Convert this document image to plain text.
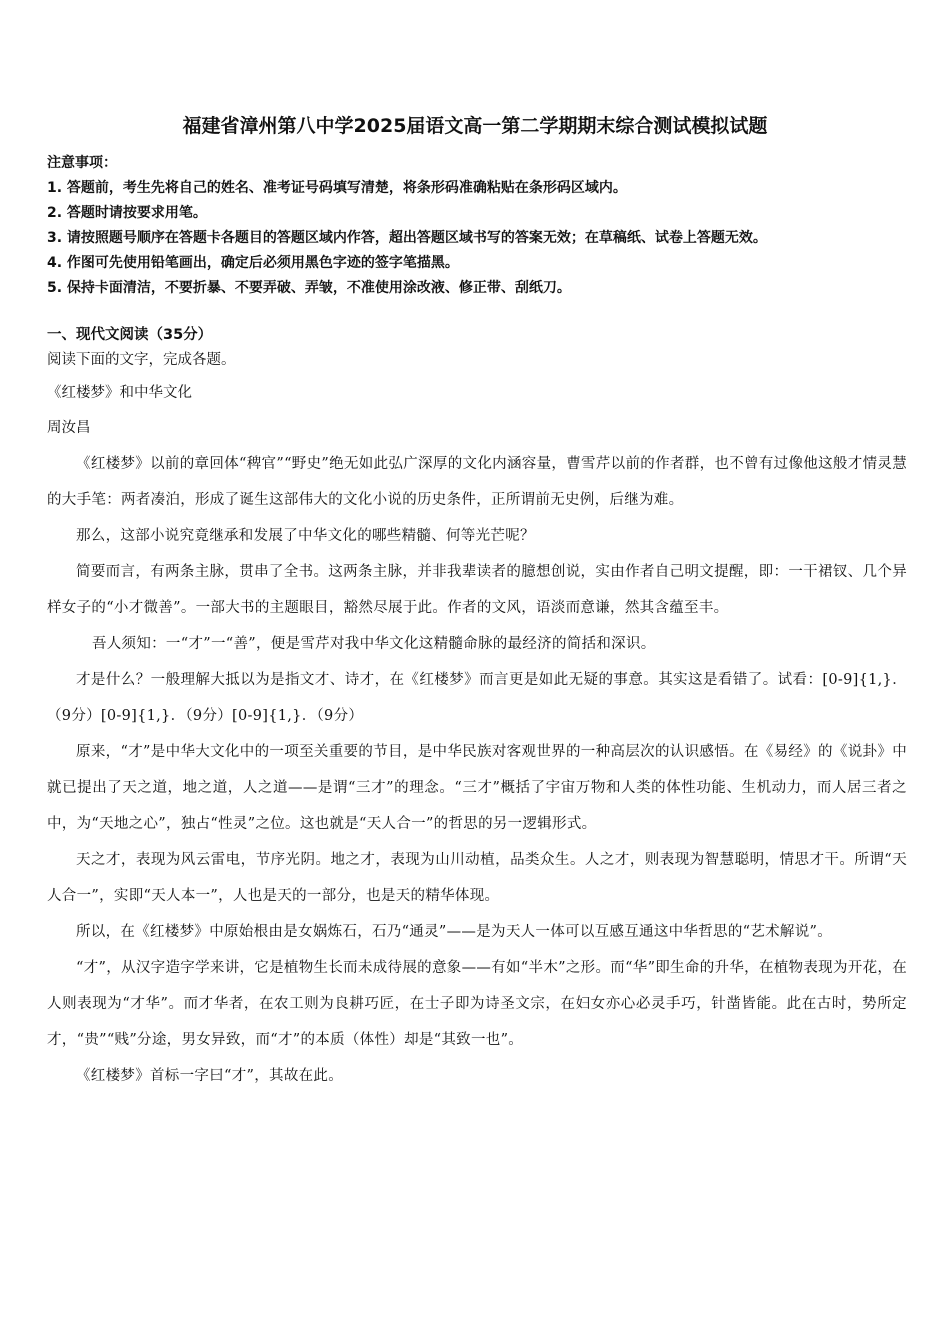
福建省漳州第八中学2025届语文高一第二学期期末综合测试模拟试题
注意事项：
1. 答题前，考生先将自己的姓名、准考证号码填写清楚，将条形码准确粘贴在条形码区域内。
2. 答题时请按要求用笔。
3. 请按照题号顺序在答题卡各题目的答题区域内作答，超出答题区域书写的答案无效；在草稿纸、试卷上答题无效。
4. 作图可先使用铅笔画出，确定后必须用黑色字迹的签字笔描黑。
5. 保持卡面清洁，不要折暴、不要弄破、弄皱，不准使用涂改液、修正带、刮纸刀。
一、现代文阅读（35分）
阅读下面的文字，完成各题。
《红楼梦》和中华文化
周汝昌

《红楼梦》以前的章回体“稗官”“野史”绝无如此弘广深厚的文化内涵容量，曹雪芹以前的作者群，也不曾有过像他这般才情灵慧的大手笔：两者凑泊，形成了诞生这部伟大的文化小说的历史条件，正所谓前无史例，后继为难。

那么，这部小说究竟继承和发展了中华文化的哪些精髓、何等光芒呢？

简要而言，有两条主脉，贯串了全书。这两条主脉，并非我辈读者的臆想创说，实由作者自己明文提醒，即：一干裙钗、几个异样女子的“小才微善”。一部大书的主题眼目，豁然尽展于此。作者的文风，语淡而意谦，然其含蕴至丰。

吾人须知：一“才”一“善”，便是雪芹对我中华文化这精髓命脉的最经济的简括和深识。

才是什么？一般理解大抵以为是指文才、诗才，在《红楼梦》而言更是如此无疑的事意。其实这是看错了。试看：[0-9]{1,}．（9分）[0-9]{1,}．（9分）[0-9]{1,}．（9分）

原来，“才”是中华大文化中的一项至关重要的节目，是中华民族对客观世界的一种高层次的认识感悟。在《易经》的《说卦》中就已提出了天之道，地之道，人之道——是谓“三才”的理念。“三才”概括了宇宙万物和人类的体性功能、生机动力，而人居三者之中，为“天地之心”，独占“性灵”之位。这也就是“天人合一”的哲思的另一逻辑形式。

天之才，表现为风云雷电，节序光阴。地之才，表现为山川动植，品类众生。人之才，则表现为智慧聪明，情思才干。所谓“天人合一”，实即“天人本一”，人也是天的一部分，也是天的精华体现。

所以，在《红楼梦》中原始根由是女娲炼石，石乃“通灵”——是为天人一体可以互感互通这中华哲思的“艺术解说”。

“才”，从汉字造字学来讲，它是植物生长而未成待展的意象——有如“半木”之形。而“华”即生命的升华，在植物表现为开花，在人则表现为“才华”。而才华者，在农工则为良耕巧匠，在士子即为诗圣文宗，在妇女亦心必灵手巧，针凿皆能。此在古时，势所定才，“贵”“贱”分途，男女异致，而“才”的本质（体性）却是“其致一也”。

《红楼梦》首标一字曰“才”，其故在此。
